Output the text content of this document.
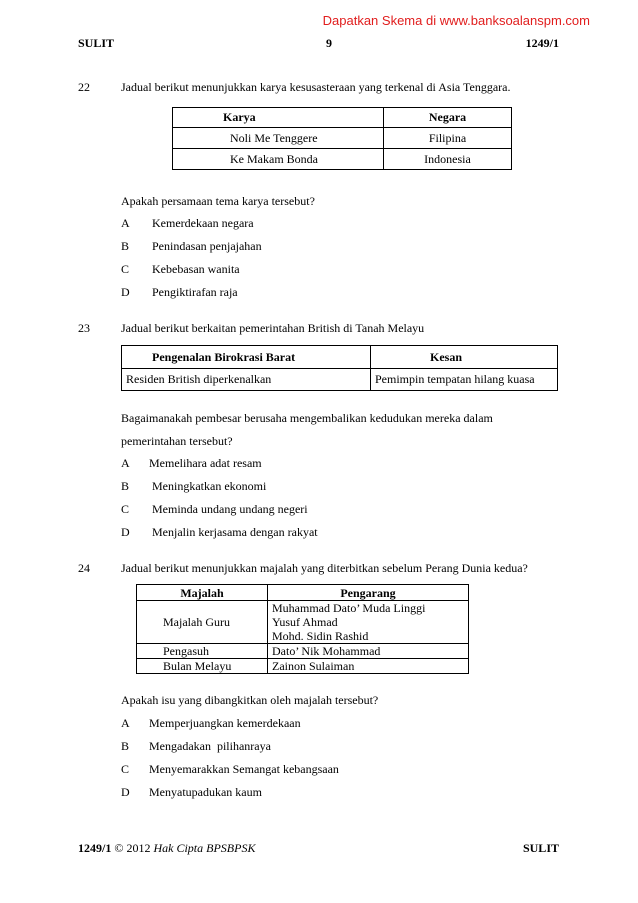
Dapatkan Skema di www.banksoalanspm.com
SULIT	9	1249/1
22	Jadual berikut menunjukkan karya kesusasteraan yang terkenal di Asia Tenggara.
Karya	Negara
Noli Me Tenggere	Filipina
Ke Makam Bonda	Indonesia
Apakah persamaan tema karya tersebut?
A Kemerdekaan negara
B Penindasan penjajahan
C Kebebasan wanita
D Pengiktirafan raja
23	Jadual berikut berkaitan pemerintahan British di Tanah Melayu
Pengenalan Birokrasi Barat	Kesan
Residen British diperkenalkan	Pemimpin tempatan hilang kuasa
Bagaimanakah pembesar berusaha mengembalikan kedudukan mereka dalam
pemerintahan tersebut?
A Memelihara adat resam
B Meningkatkan ekonomi
C Meminda undang undang negeri
D Menjalin kerjasama dengan rakyat
24	Jadual berikut menunjukkan majalah yang diterbitkan sebelum Perang Dunia kedua?
Majalah	Pengarang
Majalah Guru	Muhammad Dato’ Muda Linggi
Yusuf Ahmad
Mohd. Sidin Rashid

Pengasuh	Dato’ Nik Mohammad
Bulan Melayu	Zainon Sulaiman
Apakah isu yang dibangkitkan oleh majalah tersebut?
A Memperjuangkan kemerdekaan
B Mengadakan  pilihanraya
C Menyemarakkan Semangat kebangsaan
D Menyatupadukan kaum
1249/1 © 2012 Hak Cipta BPSBPSK	SULIT
